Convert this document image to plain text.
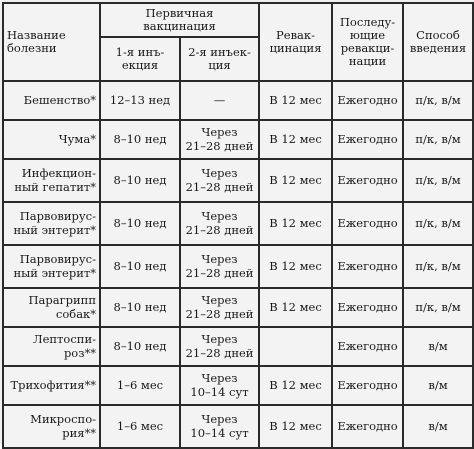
Название
болезни	Первичная
вакцинация		Ревак-
цинация	Последу-
ющие
ревакци-
нации	Способ
введения

	1-я инъ-
екция	2-я инъек-
ция			

Бешенство*	12–13 нед	—	В 12 мес	Ежегодно	п/к, в/м

Чума*	8–10 нед	Через
21–28 дней	В 12 мес	Ежегодно	п/к, в/м

Инфекцион-
ный гепатит*	8–10 нед	Через
21–28 дней	В 12 мес	Ежегодно	п/к, в/м

Парвовирус-
ный энтерит*	8–10 нед	Через
21–28 дней	В 12 мес	Ежегодно	п/к, в/м

Парвовирус-
ный энтерит*	8–10 нед	Через
21–28 дней	В 12 мес	Ежегодно	п/к, в/м

Парагрипп
собак*	8–10 нед	Через
21–28 дней	В 12 мес	Ежегодно	п/к, в/м

Лептоспи-
роз**	8–10 нед	Через
21–28 дней		Ежегодно	в/м

Трихофития**	1–6 мес	Через
10–14 сут	В 12 мес	Ежегодно	в/м

Микроспо-
рия**	1–6 мес	Через
10–14 сут	В 12 мес	Ежегодно	в/м
